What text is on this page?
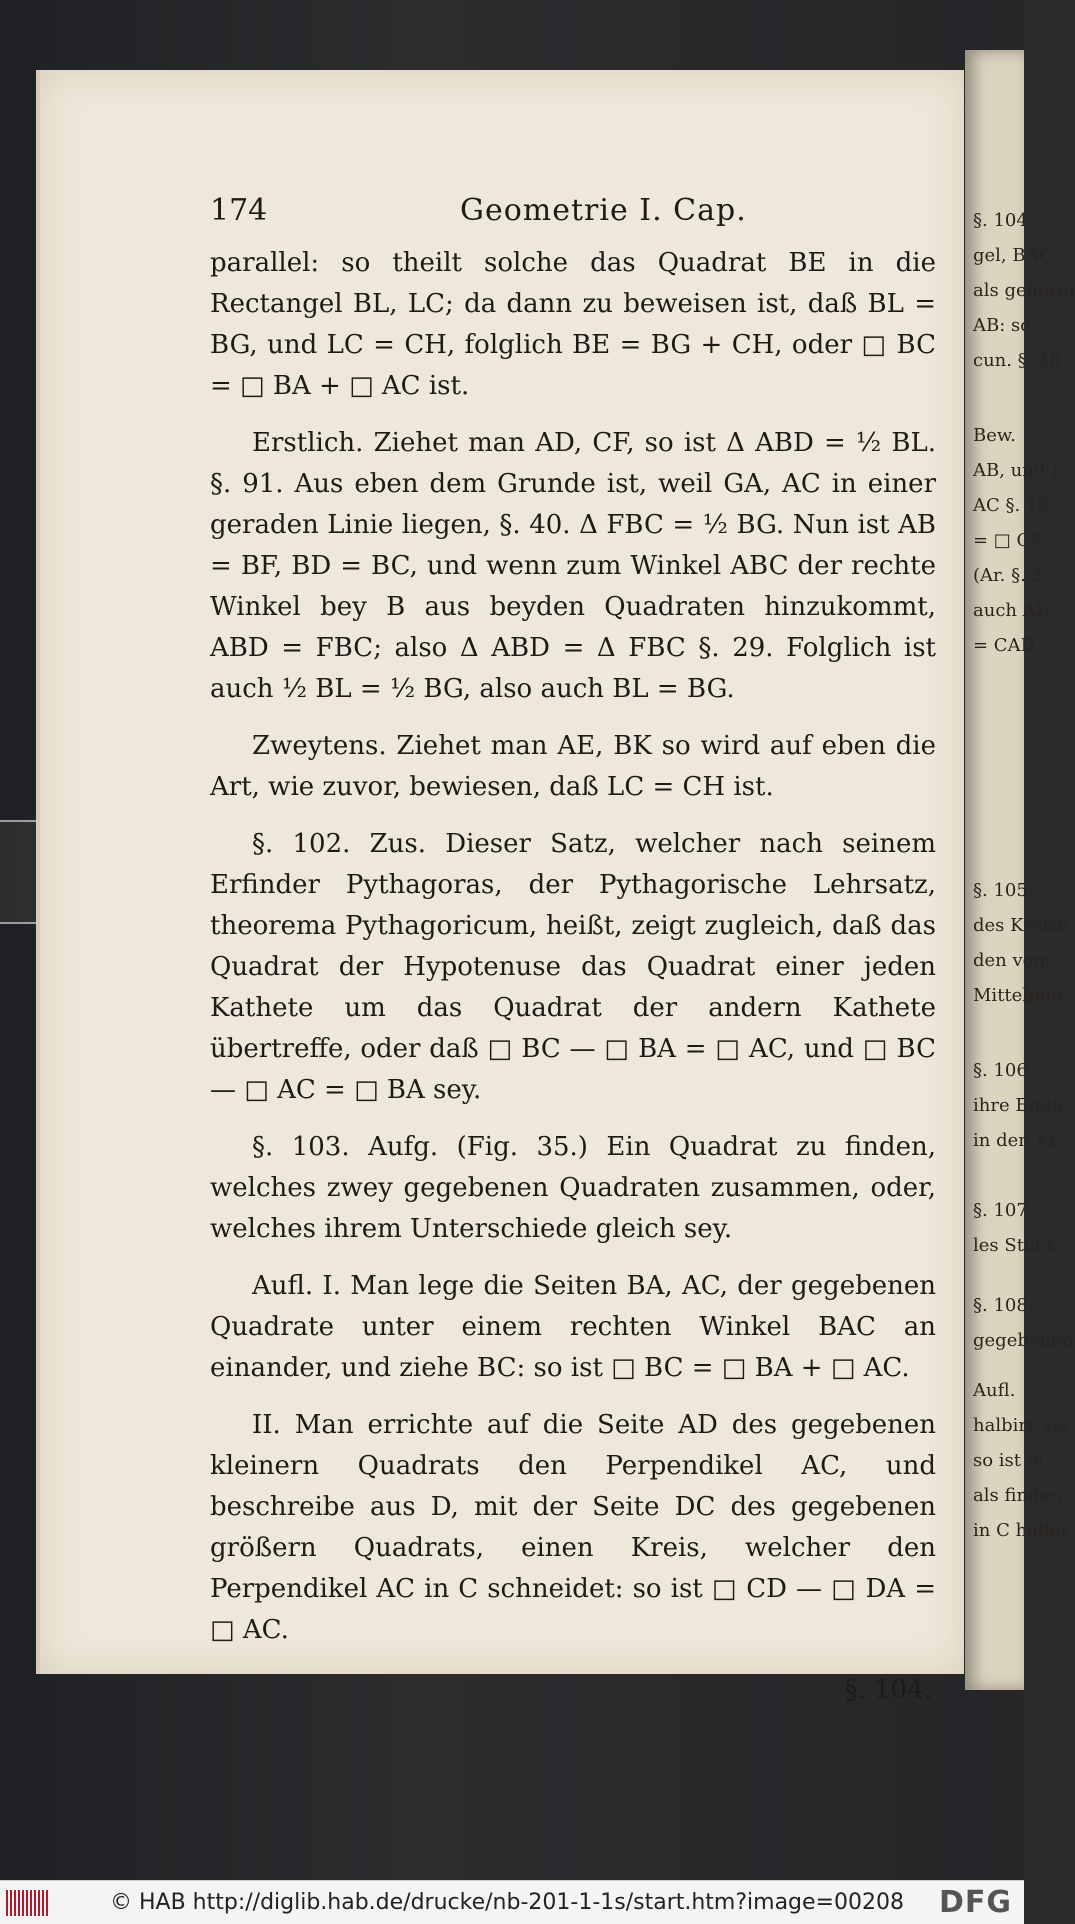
174	Geometrie I. Cap.

parallel: so theilt solche das Quadrat BE in die Rectangel BL, LC; da dann zu beweisen ist, daß BL = BG, und LC = CH, folglich BE = BG + CH, oder □ BC = □ BA + □ AC ist.

Erstlich. Ziehet man AD, CF, so ist Δ ABD = ½ BL. §. 91. Aus eben dem Grunde ist, weil GA, AC in einer geraden Linie liegen, §. 40. Δ FBC = ½ BG. Nun ist AB = BF, BD = BC, und wenn zum Winkel ABC der rechte Winkel bey B aus beyden Quadraten hinzukommt, ABD = FBC; also Δ ABD = Δ FBC §. 29. Folglich ist auch ½ BL = ½ BG, also auch BL = BG.

Zweytens. Ziehet man AE, BK so wird auf eben die Art, wie zuvor, bewiesen, daß LC = CH ist.

§. 102. Zus. Dieser Satz, welcher nach seinem Erfinder Pythagoras, der Pythagorische Lehrsatz, theorema Pythagoricum, heißt, zeigt zugleich, daß das Quadrat der Hypotenuse das Quadrat einer jeden Kathete um das Quadrat der andern Kathete übertreffe, oder daß □ BC — □ BA = □ AC, und □ BC — □ AC = □ BA sey.

§. 103. Aufg. (Fig. 35.) Ein Quadrat zu finden, welches zwey gegebenen Quadraten zusammen, oder, welches ihrem Unterschiede gleich sey.

Aufl. I. Man lege die Seiten BA, AC, der gegebenen Quadrate unter einem rechten Winkel BAC an einander, und ziehe BC: so ist □ BC = □ BA + □ AC.

II. Man errichte auf die Seite AD des gegebenen kleinern Quadrats den Perpendikel AC, und beschreibe aus D, mit der Seite DC des gegebenen größern Quadrats, einen Kreis, welcher den Perpendikel AC in C schneidet: so ist □ CD — □ DA = □ AC.

§. 104.
§. 104
gel, BAC
als gehörig
AB: so
cun. §. 48
Bew.
AB, und I
AC §. 10
= □ CA
(Ar. §. 2
auch AD
= CAD
§. 105.
des Kreise
den vom
Mittelpun
§. 106
ihre Endp
in den Kr
§. 107.
les Stück,
§. 108.
gegebenen
Aufl.
halbire sie
so ist in
als finden
in C halbir
© HAB http://diglib.hab.de/drucke/nb-201-1-1s/start.htm?image=00208 DFG
